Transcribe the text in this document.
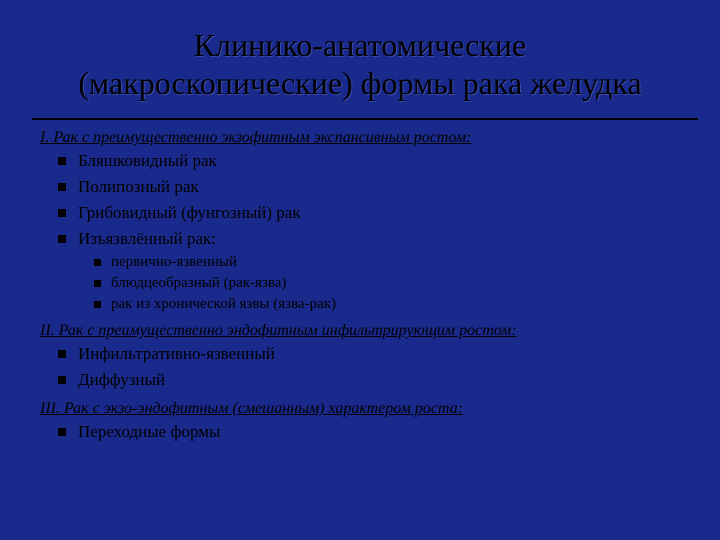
Клинико-анатомические
(макроскопические) формы рака желудка

I. Рак с преимущественно экзофитным экспансивным ростом:

Бляшковидный рак
Полипозный рак
Грибовидный (фунгозный) рак
Изъязвлённый рак:
первично-язвенный
блюдцеобразный (рак-язва)
рак из хронической язвы (язва-рак)

II. Рак с преимущественно эндофитным инфильтрирующим ростом:

Инфильтративно-язвенный
Диффузный

III. Рак с экзо-эндофитным (смешанным) характером роста:

Переходные формы
